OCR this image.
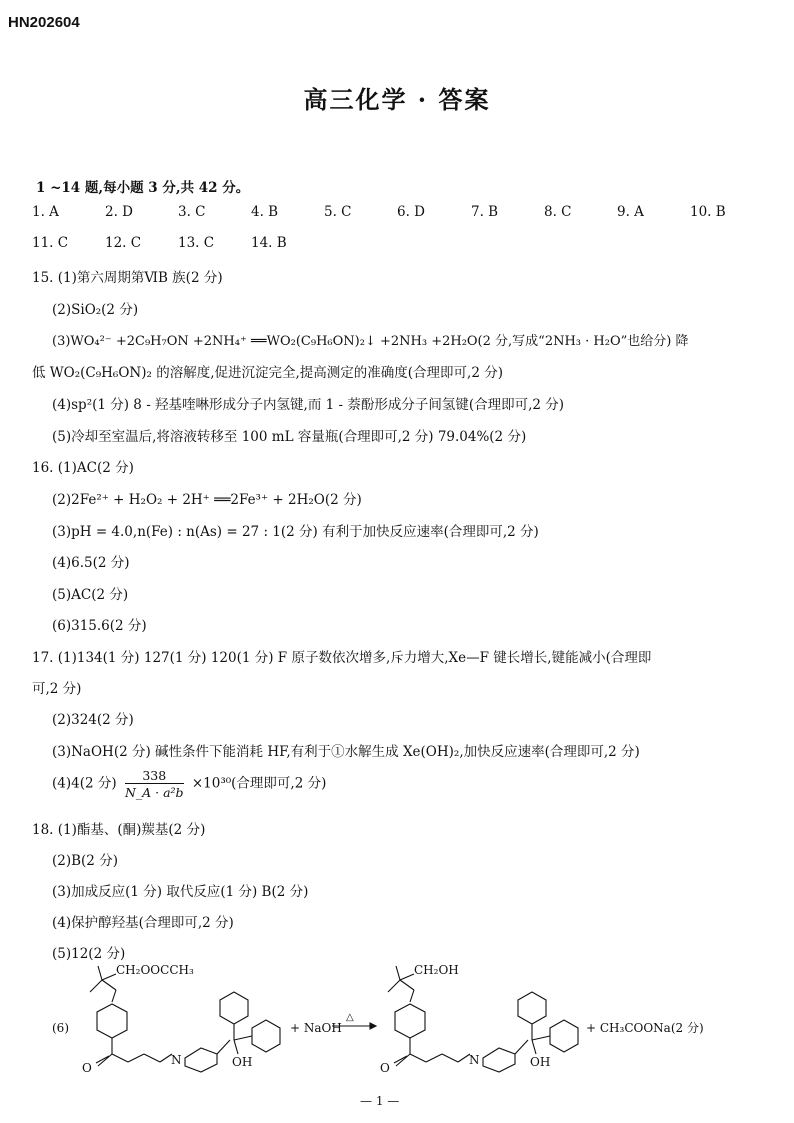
HN202604
高三化学 · 答案
1 ~14 题,每小题 3 分,共 42 分。
1. A	2. D	3. C	4. B	5. C	6. D	7. B	8. C	9. A	10. B
11. C	12. C	13. C	14. B
15. (1)第六周期第ⅥB 族(2 分)
(2)SiO₂(2 分)
(3)WO₄²⁻ +2C₉H₇ON +2NH₄⁺ ══WO₂(C₉H₆ON)₂↓ +2NH₃ +2H₂O(2 分,写成“2NH₃ · H₂O”也给分) 降
低 WO₂(C₉H₆ON)₂ 的溶解度,促进沉淀完全,提高测定的准确度(合理即可,2 分)
(4)sp²(1 分) 8 - 羟基喹啉形成分子内氢键,而 1 - 萘酚形成分子间氢键(合理即可,2 分)
(5)冷却至室温后,将溶液转移至 100 mL 容量瓶(合理即可,2 分) 79.04%(2 分)
16. (1)AC(2 分)
(2)2Fe²⁺ + H₂O₂ + 2H⁺ ══2Fe³⁺ + 2H₂O(2 分)
(3)pH = 4.0,n(Fe) : n(As) = 27 : 1(2 分) 有利于加快反应速率(合理即可,2 分)
(4)6.5(2 分)
(5)AC(2 分)
(6)315.6(2 分)
17. (1)134(1 分) 127(1 分) 120(1 分) F 原子数依次增多,斥力增大,Xe—F 键长增长,键能减小(合理即
可,2 分)
(2)324(2 分)
(3)NaOH(2 分) 碱性条件下能消耗 HF,有利于①水解生成 Xe(OH)₂,加快反应速率(合理即可,2 分)
(4)4(2 分) $\frac{338}{\text{N\_A · a²b}} \times 10^{30}$(合理即可,2 分)
18. (1)酯基、(酮)羰基(2 分)
(2)B(2 分)
(3)加成反应(1 分) 取代反应(1 分) B(2 分)
(4)保护醇羟基(合理即可,2 分)
(5)12(2 分)
(6)
CH₂OOCCH₃
O
N	OH
+ NaOH
△
CH₂OH
O
N	OH
+ CH₃COONa(2 分)
— 1 —
